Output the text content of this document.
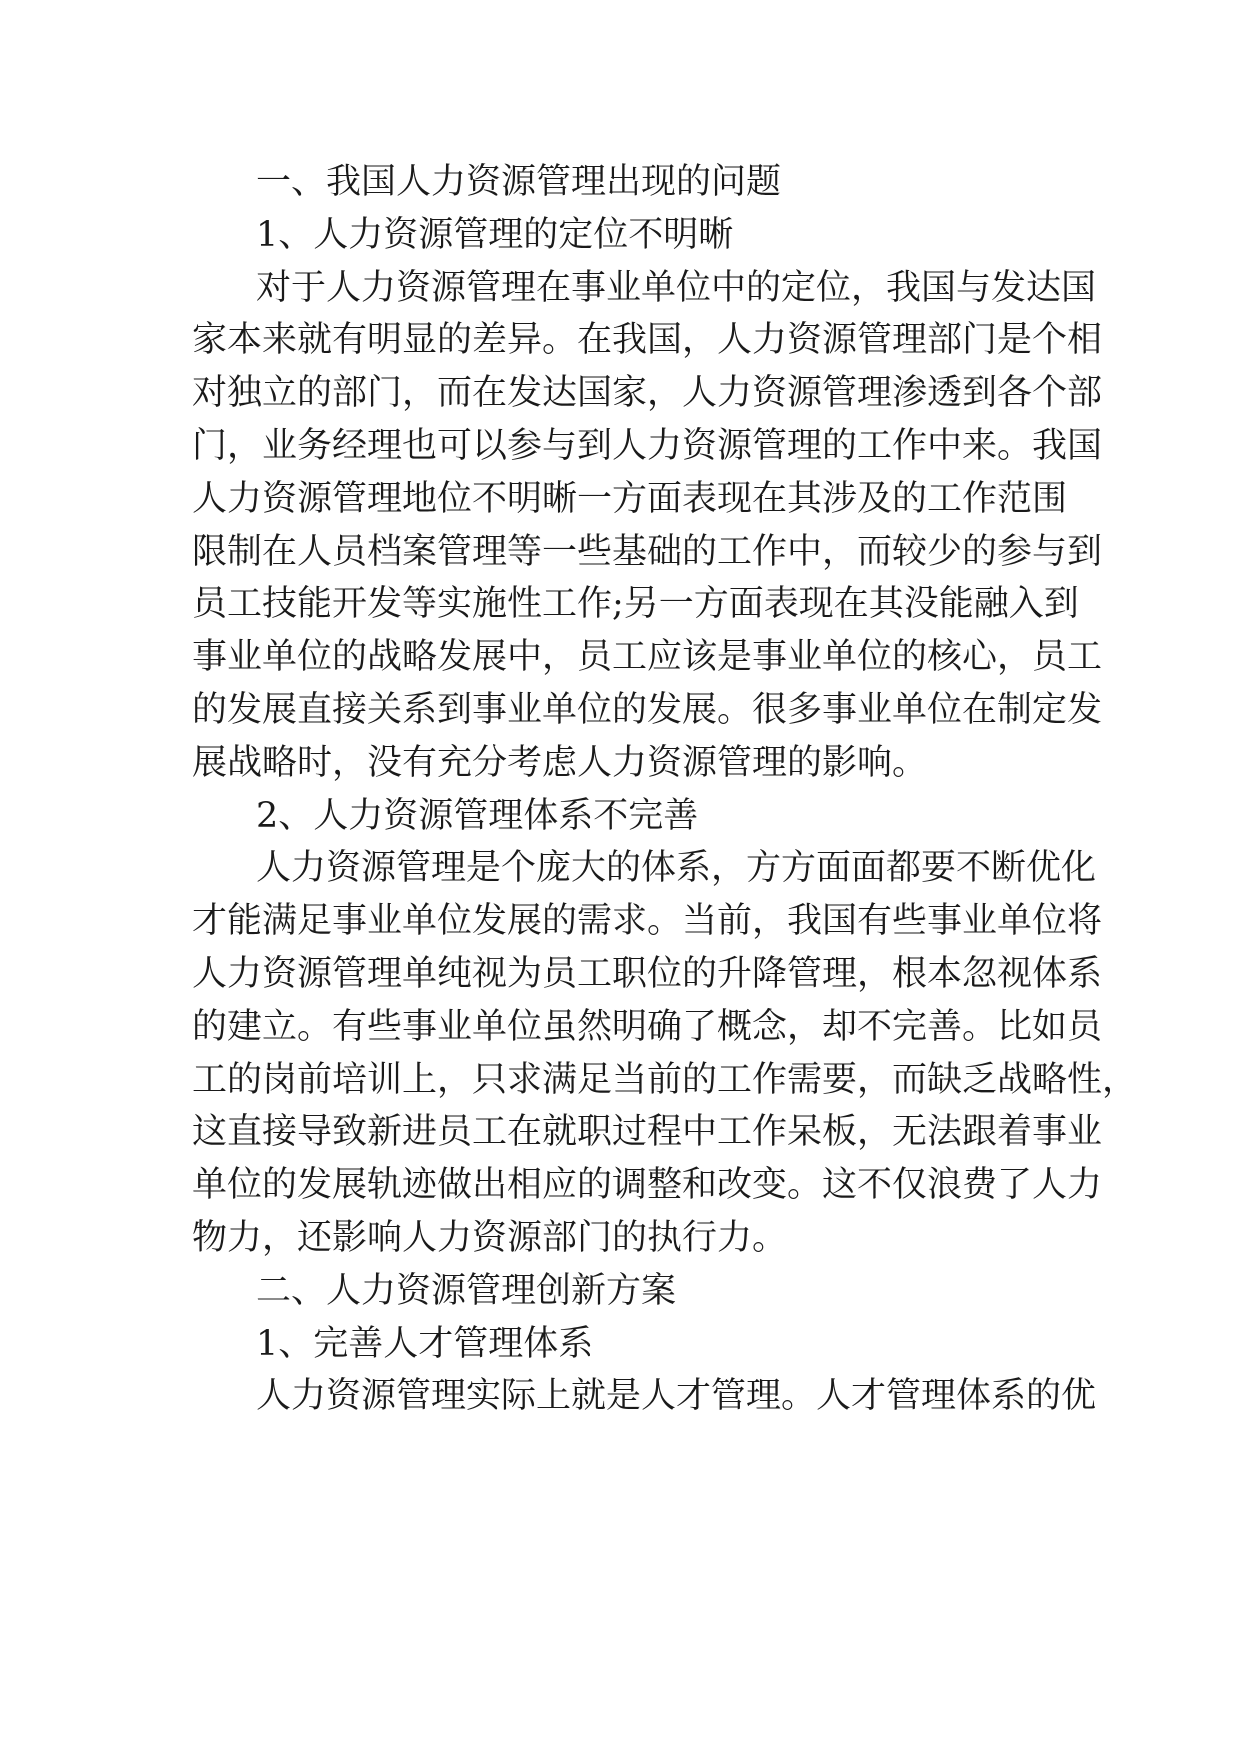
一、我国人力资源管理出现的问题
1、人力资源管理的定位不明晰

对于人力资源管理在事业单位中的定位，我国与发达国
家本来就有明显的差异。在我国，人力资源管理部门是个相
对独立的部门，而在发达国家，人力资源管理渗透到各个部
门，业务经理也可以参与到人力资源管理的工作中来。我国
人力资源管理地位不明晰一方面表现在其涉及的工作范围
限制在人员档案管理等一些基础的工作中，而较少的参与到
员工技能开发等实施性工作;另一方面表现在其没能融入到
事业单位的战略发展中，员工应该是事业单位的核心，员工
的发展直接关系到事业单位的发展。很多事业单位在制定发
展战略时，没有充分考虑人力资源管理的影响。

2、人力资源管理体系不完善

人力资源管理是个庞大的体系，方方面面都要不断优化
才能满足事业单位发展的需求。当前，我国有些事业单位将
人力资源管理单纯视为员工职位的升降管理，根本忽视体系
的建立。有些事业单位虽然明确了概念，却不完善。比如员
工的岗前培训上，只求满足当前的工作需要，而缺乏战略性，
这直接导致新进员工在就职过程中工作呆板，无法跟着事业
单位的发展轨迹做出相应的调整和改变。这不仅浪费了人力
物力，还影响人力资源部门的执行力。

二、人力资源管理创新方案
1、完善人才管理体系

人力资源管理实际上就是人才管理。人才管理体系的优
